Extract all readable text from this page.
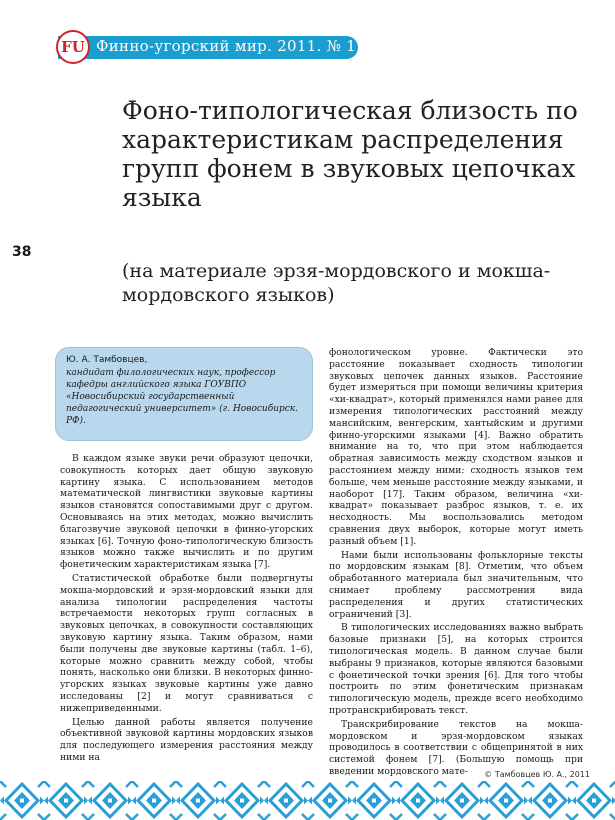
FU Финно-угорский мир. 2011. № 1
38
Фоно-типологическая близость по характеристикам распределения групп фонем в звуковых цепочках языка
(на материале эрзя-мордовского и мокша-мордовского языков)

Ю. А. Тамбовцев,

кандидат филологических наук, профессор кафедры английского языка ГОУВПО «Новосибирский государственный педагогический университет» (г. Новосибирск. РФ).

В каждом языке звуки речи образуют цепочки, совокупность которых дает общую звуковую картину языка. С использованием методов математической лингвистики звуковые картины языков становятся сопоставимыми друг с другом. Основываясь на этих методах, можно вычислить благозвучие звуковой цепочки в финно-угорских языках [6]. Точную фоно-типологическую близость языков можно также вычислить и по другим фонетическим характеристикам языка [7].

Статистической обработке были подвергнуты мокша-мордовский и эрзя-мордовский языки для анализа типологии распределения частоты встречаемости некоторых групп согласных в звуковых цепочках, в совокупности составляющих звуковую картину языка. Таким образом, нами были получены две звуковые картины (табл. 1–6), которые можно сравнить между собой, чтобы понять, насколько они близки. В некоторых финно-угорских языках звуковые картины уже давно исследованы [2] и могут сравниваться с нижеприведенными.

Целью данной работы является получение объективной звуковой картины мордовских языков для последующего измерения расстояния между ними на

фонологическом уровне. Фактически это расстояние показывает сходность типологии звуковых цепочек данных языков. Расстояние будет измеряться при помощи величины критерия «хи-квадрат», который применялся нами ранее для измерения типологических расстояний между мансийским, венгерским, хантыйским и другими финно-угорскими языками [4]. Важно обратить внимание на то, что при этом наблюдается обратная зависимость между сходством языков и расстоянием между ними: сходность языков тем больше, чем меньше расстояние между языками, и наоборот [17]. Таким образом, величина «хи-квадрат» показывает разброс языков, т. е. их несходность. Мы воспользовались методом сравнения двух выборок, которые могут иметь разный объем [1].

Нами были использованы фольклорные тексты по мордовским языкам [8]. Отметим, что объем обработанного материала был значительным, что снимает проблему рассмотрения вида распределения и других статистических ограничений [3].

В типологических исследованиях важно выбрать базовые признаки [5], на которых строится типологическая модель. В данном случае были выбраны 9 признаков, которые являются базовыми с фонетической точки зрения [6]. Для того чтобы построить по этим фонетическим признакам типологическую модель, прежде всего необходимо протранскрибировать текст.

Транскрибирование текстов на мокша-мордовском и эрзя-мордовском языках проводилось в соответствии с общепринятой в них системой фонем [7]. (Большую помощь при введении мордовского мате-	© Тамбовцев Ю. А., 2011
